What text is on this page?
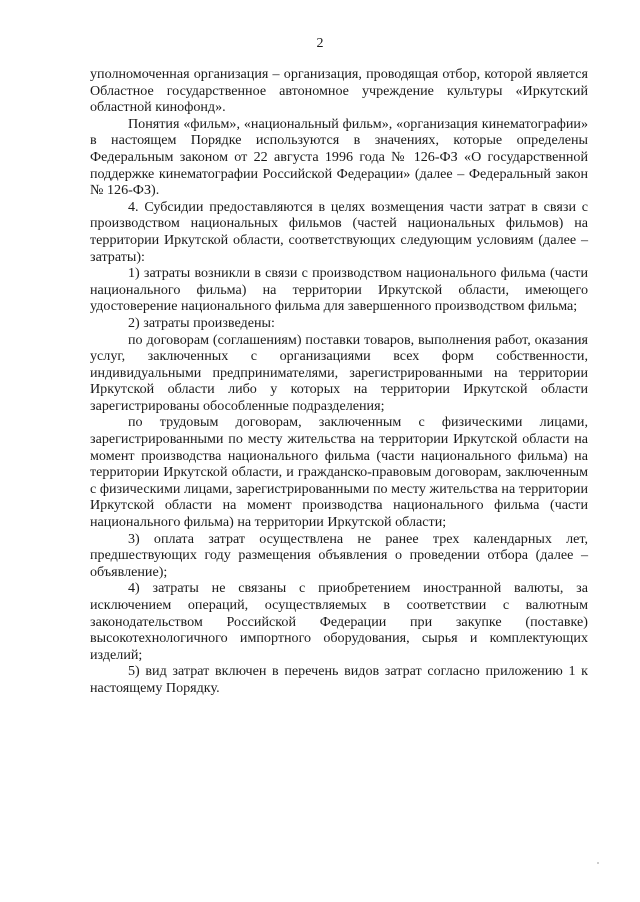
2

уполномоченная организация – организация, проводящая отбор, которой является Областное государственное автономное учреждение культуры «Иркутский областной кинофонд».

Понятия «фильм», «национальный фильм», «организация кинематографии» в настоящем Порядке используются в значениях, которые определены Федеральным законом от 22 августа 1996 года № 126-ФЗ «О государственной поддержке кинематографии Российской Федерации» (далее – Федеральный закон № 126-ФЗ).

4. Субсидии предоставляются в целях возмещения части затрат в связи с производством национальных фильмов (частей национальных фильмов) на территории Иркутской области, соответствующих следующим условиям (далее – затраты):

1) затраты возникли в связи с производством национального фильма (части национального фильма) на территории Иркутской области, имеющего удостоверение национального фильма для завершенного производством фильма;

2) затраты произведены:

по договорам (соглашениям) поставки товаров, выполнения работ, оказания услуг, заключенных с организациями всех форм собственности, индивидуальными предпринимателями, зарегистрированными на территории Иркутской области либо у которых на территории Иркутской области зарегистрированы обособленные подразделения;

по трудовым договорам, заключенным с физическими лицами, зарегистрированными по месту жительства на территории Иркутской области на момент производства национального фильма (части национального фильма) на территории Иркутской области, и гражданско-правовым договорам, заключенным с физическими лицами, зарегистрированными по месту жительства на территории Иркутской области на момент производства национального фильма (части национального фильма) на территории Иркутской области;

3) оплата затрат осуществлена не ранее трех календарных лет, предшествующих году размещения объявления о проведении отбора (далее – объявление);

4) затраты не связаны с приобретением иностранной валюты, за исключением операций, осуществляемых в соответствии с валютным законодательством Российской Федерации при закупке (поставке) высокотехнологичного импортного оборудования, сырья и комплектующих изделий;

5) вид затрат включен в перечень видов затрат согласно приложению 1 к настоящему Порядку.
